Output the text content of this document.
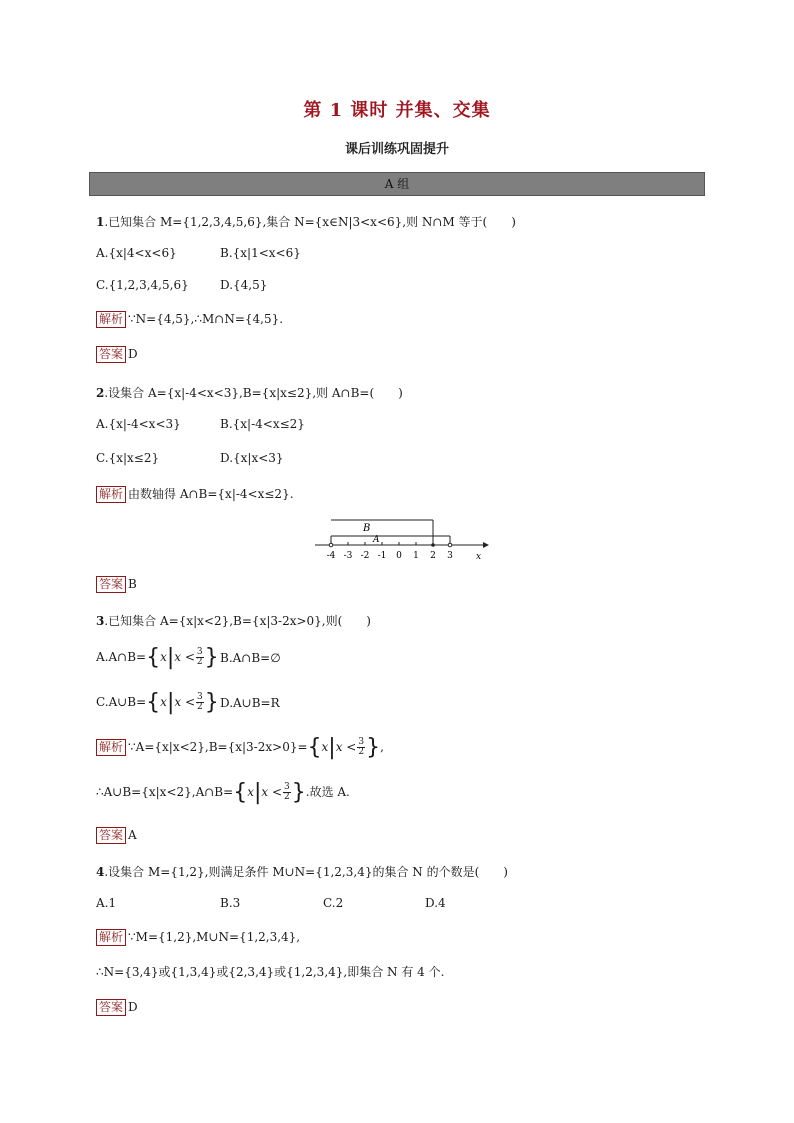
第 1 课时 并集、交集
课后训练巩固提升
A 组
1.已知集合 M={1,2,3,4,5,6},集合 N={x∈N|3<x<6},则 N∩M 等于(　　)
A.{x|4<x<6}	B.{x|1<x<6}
C.{1,2,3,4,5,6}	D.{4,5}
解析 ∵N={4,5},∴M∩N={4,5}.
答案 D
2.设集合 A={x|-4<x<3},B={x|x≤2},则 A∩B=(　　)
A.{x|-4<x<3}	B.{x|-4<x≤2}
C.{x|x≤2}	D.{x|x<3}
解析 由数轴得 A∩B={x|-4<x≤2}.
B
A
-4 -3 -2 -1 0 1 2 3	x
答案 B
3.已知集合 A={x|x<2},B={x|3-2x>0},则(　　)
A.A∩B={x|x < $\frac{3}{2}$ } B.A∩B=∅
C.A∪B={x|x < $\frac{3}{2}$ } D.A∪B=R
解析 ∵A={x|x<2},B={x|3-2x>0}={x|x < $\frac{3}{2}$ },
∴A∪B={x|x<2},A∩B={x|x < $\frac{3}{2}$ }.故选 A.
答案 A
4.设集合 M={1,2},则满足条件 M∪N={1,2,3,4}的集合 N 的个数是(　　)
A.1	B.3	C.2	D.4
解析 ∵M={1,2},M∪N={1,2,3,4},
∴N={3,4}或{1,3,4}或{2,3,4}或{1,2,3,4},即集合 N 有 4 个.
答案 D
